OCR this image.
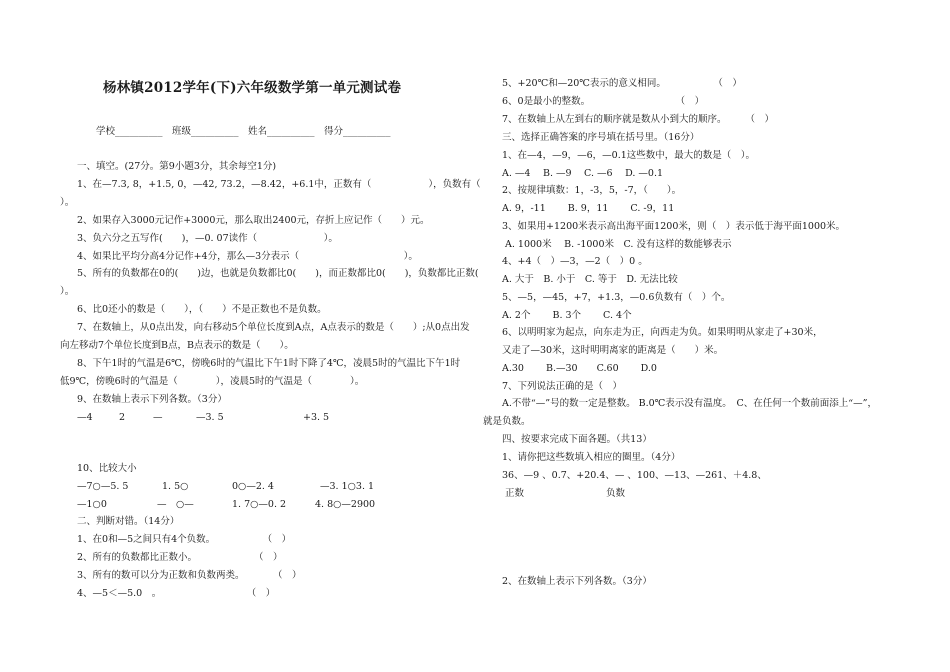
杨林镇2012学年(下)六年级数学第一单元测试卷
学校__________　班级__________　姓名__________　得分__________
一、填空。(27分。第9小题3分，其余每空1分)
1、在—7.3, 8，+1.5, 0，—42, 73.2，—8.42，+6.1中，正数有（　　　　　　），负数有（
）。
2、如果存入3000元记作+3000元，那么取出2400元，存折上应记作（　　）元。
3、负六分之五写作(　　)，—0. 07读作（　　　　　　　）。
4、如果比平均分高4分记作+4分，那么—3分表示（　　　　　　　　　　　）。
5、所有的负数都在0的(　　)边，也就是负数都比0(　　)，而正数都比0(　　)，负数都比正数(
）。
6、比0还小的数是（　　），（　　）不是正数也不是负数。
7、在数轴上，从0点出发，向右移动5个单位长度到A点，A点表示的数是（　　）;从0点出发
向左移动7个单位长度到B点，B点表示的数是（　　）。
8、下午1时的气温是6℃，傍晚6时的气温比下午1时下降了4℃，凌晨5时的气温比下午1时
低9℃，傍晚6时的气温是（　　　　），凌晨5时的气温是（　　　　）。
9、在数轴上表示下列各数。（3分）
—4	2	—	—3. 5	+3. 5
10、比较大小
—7○—5. 5	1. 5○	0○—2. 4	—3. 1○3. 1
—1○0	—　○—	1. 7○—0. 2	4. 8○—2900
二、判断对错。（14分）
1、在0和—5之间只有4个负数。　　　　　　（　）
2、所有的负数都比正数小。　　　　　　　（　）
3、所有的数可以分为正数和负数两类。　　　　（　）
4、—5＜—5.0　。　　　　　　　　　　（　）
5、+20℃和—20℃表示的意义相同。　　　　　　（　）
6、0是最小的整数。　　　　　　　　　　（　）
7、在数轴上从左到右的顺序就是数从小到大的顺序。　　　（　）
三、选择正确答案的序号填在括号里。（16分）
1、在—4，—9，—6，—0.1这些数中，最大的数是（　）。
A. —4　 B. —9　 C. —6　 D. —0.1
2、按规律填数：1，-3，5，-7，（　　）。
A. 9，-11　　 B. 9，11　　 C. -9，11
3、如果用+1200米表示高出海平面1200米，则（　）表示低于海平面1000米。
A. 1000米　 B. -1000米　C. 没有这样的数能够表示
4、+4（　）—3，—2（　）0 。
A. 大于　B. 小于　C. 等于　D. 无法比较
5、—5，—45，+7，+1.3，—0.6负数有（　）个。
A. 2个　　 B. 3个　　 C. 4个
6、以明明家为起点，向东走为正，向西走为负。如果明明从家走了+30米，
又走了—30米，这时明明离家的距离是（　　）米。
A.30　　 B.—30　　C.60　　 D.0
7、下列说法正确的是（　）
A.不带“—”号的数一定是整数。 B.0℃表示没有温度。　C、在任何一个数前面添上“—”，
就是负数。
四、按要求完成下面各题。（共13）
1、请你把这些数填入相应的圈里。（4分）
36、—9 、0.7、+20.4、— 、100、—13、—261、＋4.8、
正数	负数
2、在数轴上表示下列各数。（3分）
